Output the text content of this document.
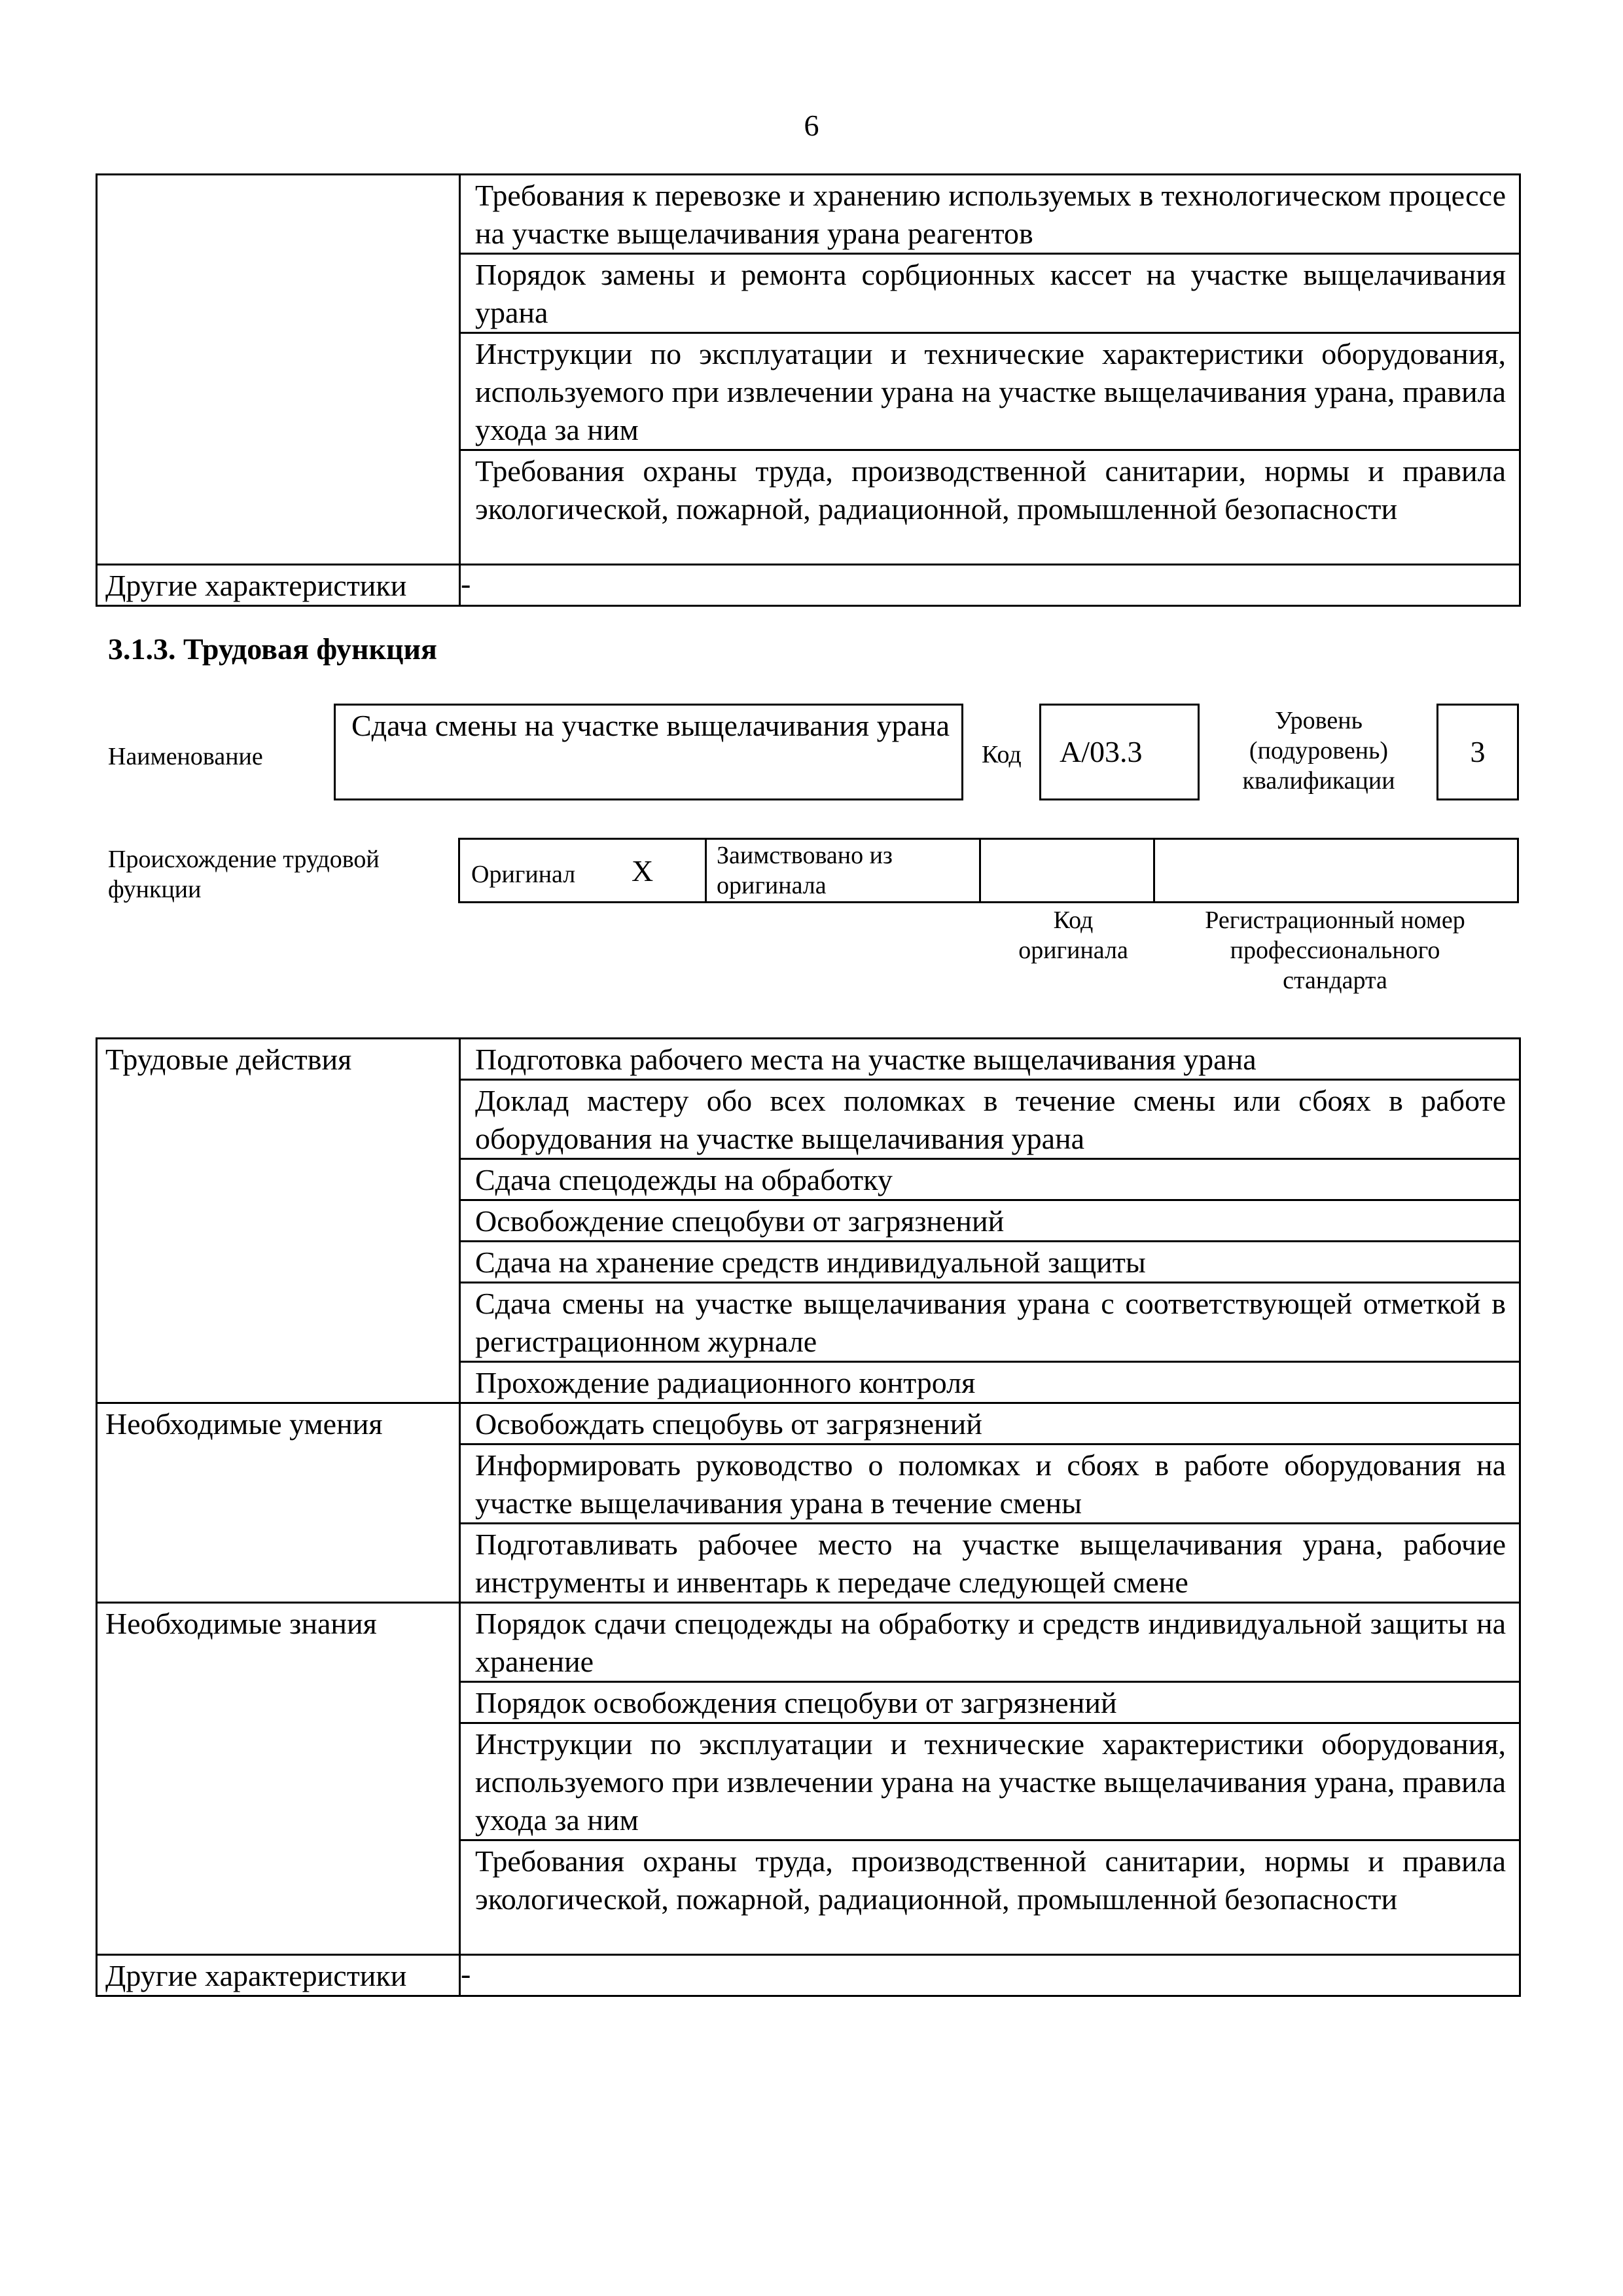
6
	Требования к перевозке и хранению используемых в технологическом процессе на участке выщелачивания урана реагентов
	Порядок замены и ремонта сорбционных кассет на участке выщелачивания урана
	Инструкции по эксплуатации и технические характеристики оборудования, используемого при извлечении урана на участке выщелачивания урана, правила ухода за ним
	Требования охраны труда, производственной санитарии, нормы и правила экологической, пожарной, радиационной, промышленной безопасности
Другие характеристики	-
3.1.3. Трудовая функция
Наименование
Сдача смены на участке выщелачивания урана
Код	A/03.3
Уровень
(подуровень)
квалификации
3
Происхождение трудовой
функции
Оригинал X	Заимствовано из
оригинала
Код
оригинала
Регистрационный номер
профессионального
стандарта
Трудовые действия	Подготовка рабочего места на участке выщелачивания урана
	Доклад мастеру обо всех поломках в течение смены или сбоях в работе оборудования на участке выщелачивания урана
	Сдача спецодежды на обработку
	Освобождение спецобуви от загрязнений
	Сдача на хранение средств индивидуальной защиты
	Сдача смены на участке выщелачивания урана с соответствующей отметкой в регистрационном журнале
	Прохождение радиационного контроля
Необходимые умения	Освобождать спецобувь от загрязнений
	Информировать руководство о поломках и сбоях в работе оборудования на участке выщелачивания урана в течение смены
	Подготавливать рабочее место на участке выщелачивания урана, рабочие инструменты и инвентарь к передаче следующей смене
Необходимые знания	Порядок сдачи спецодежды на обработку и средств индивидуальной защиты на хранение
	Порядок освобождения спецобуви от загрязнений
	Инструкции по эксплуатации и технические характеристики оборудования, используемого при извлечении урана на участке выщелачивания урана, правила ухода за ним
	Требования охраны труда, производственной санитарии, нормы и правила экологической, пожарной, радиационной, промышленной безопасности
Другие характеристики	-
